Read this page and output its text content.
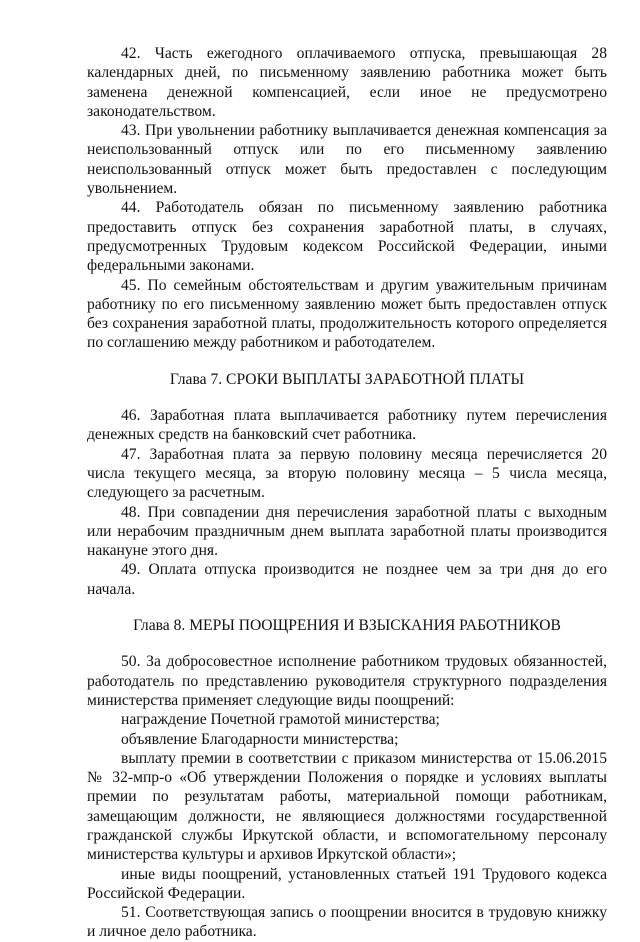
42. Часть ежегодного оплачиваемого отпуска, превышающая 28 календарных дней, по письменному заявлению работника может быть заменена денежной компенсацией, если иное не предусмотрено законодательством.

43. При увольнении работнику выплачивается денежная компенсация за неиспользованный отпуск или по его письменному заявлению неиспользованный отпуск может быть предоставлен с последующим увольнением.

44. Работодатель обязан по письменному заявлению работника предоставить отпуск без сохранения заработной платы, в случаях, предусмотренных Трудовым кодексом Российской Федерации, иными федеральными законами.

45. По семейным обстоятельствам и другим уважительным причинам работнику по его письменному заявлению может быть предоставлен отпуск без сохранения заработной платы, продолжительность которого определяется по соглашению между работником и работодателем.

Глава 7. СРОКИ ВЫПЛАТЫ ЗАРАБОТНОЙ ПЛАТЫ

46. Заработная плата выплачивается работнику путем перечисления денежных средств на банковский счет работника.

47. Заработная плата за первую половину месяца перечисляется 20 числа текущего месяца, за вторую половину месяца – 5 числа месяца, следующего за расчетным.

48. При совпадении дня перечисления заработной платы с выходным или нерабочим праздничным днем выплата заработной платы производится накануне этого дня.

49. Оплата отпуска производится не позднее чем за три дня до его начала.

Глава 8. МЕРЫ ПООЩРЕНИЯ И ВЗЫСКАНИЯ РАБОТНИКОВ

50. За добросовестное исполнение работником трудовых обязанностей, работодатель по представлению руководителя структурного подразделения министерства применяет следующие виды поощрений:

награждение Почетной грамотой министерства;

объявление Благодарности министерства;

выплату премии в соответствии с приказом министерства от 15.06.2015 № 32-мпр-о «Об утверждении Положения о порядке и условиях выплаты премии по результатам работы, материальной помощи работникам, замещающим должности, не являющиеся должностями государственной гражданской службы Иркутской области, и вспомогательному персоналу министерства культуры и архивов Иркутской области»;

иные виды поощрений, установленных статьей 191 Трудового кодекса Российской Федерации.

51. Соответствующая запись о поощрении вносится в трудовую книжку и личное дело работника.
